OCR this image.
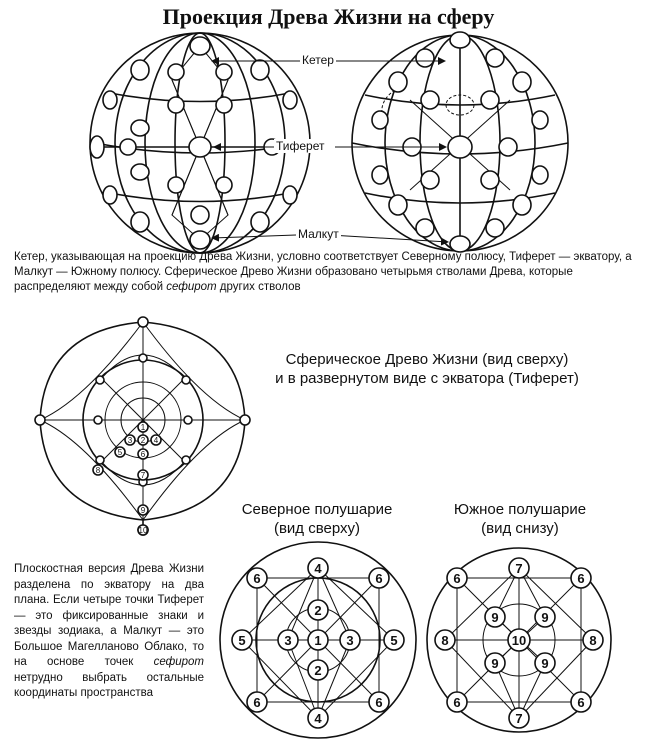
Проекция Древа Жизни на сферу
1
2
3	4
5 6
7
8
9
10
Кетер
Тиферет
Малкут
Кетер, указывающая на проекцию Древа Жизни, условно соответствует Северному полюсу, Тиферет — экватору, а Малкут — Южному полюсу. Сферическое Древо Жизни образовано четырьмя стволами Древа, которые распределяют между собой сефирот других стволов
Сферическое Древо Жизни (вид сверху)
и в развернутом виде с экватора (Тиферет)
Северное полушарие
(вид сверху)
Южное полушарие
(вид снизу)
Плоскостная версия Древа Жизни разделена по экватору на два плана. Если четыре точки Тиферет — это фиксированные знаки и звезды зодиака, а Малкут — это Большое Магелланово Облако, то на основе точек сефирот нетрудно выбрать остальные координаты пространства
4
6	6
5	5
3	3
2
1
2
6	6
4
7
6	6
9	9
8	10	8
9	9
6	6
7
